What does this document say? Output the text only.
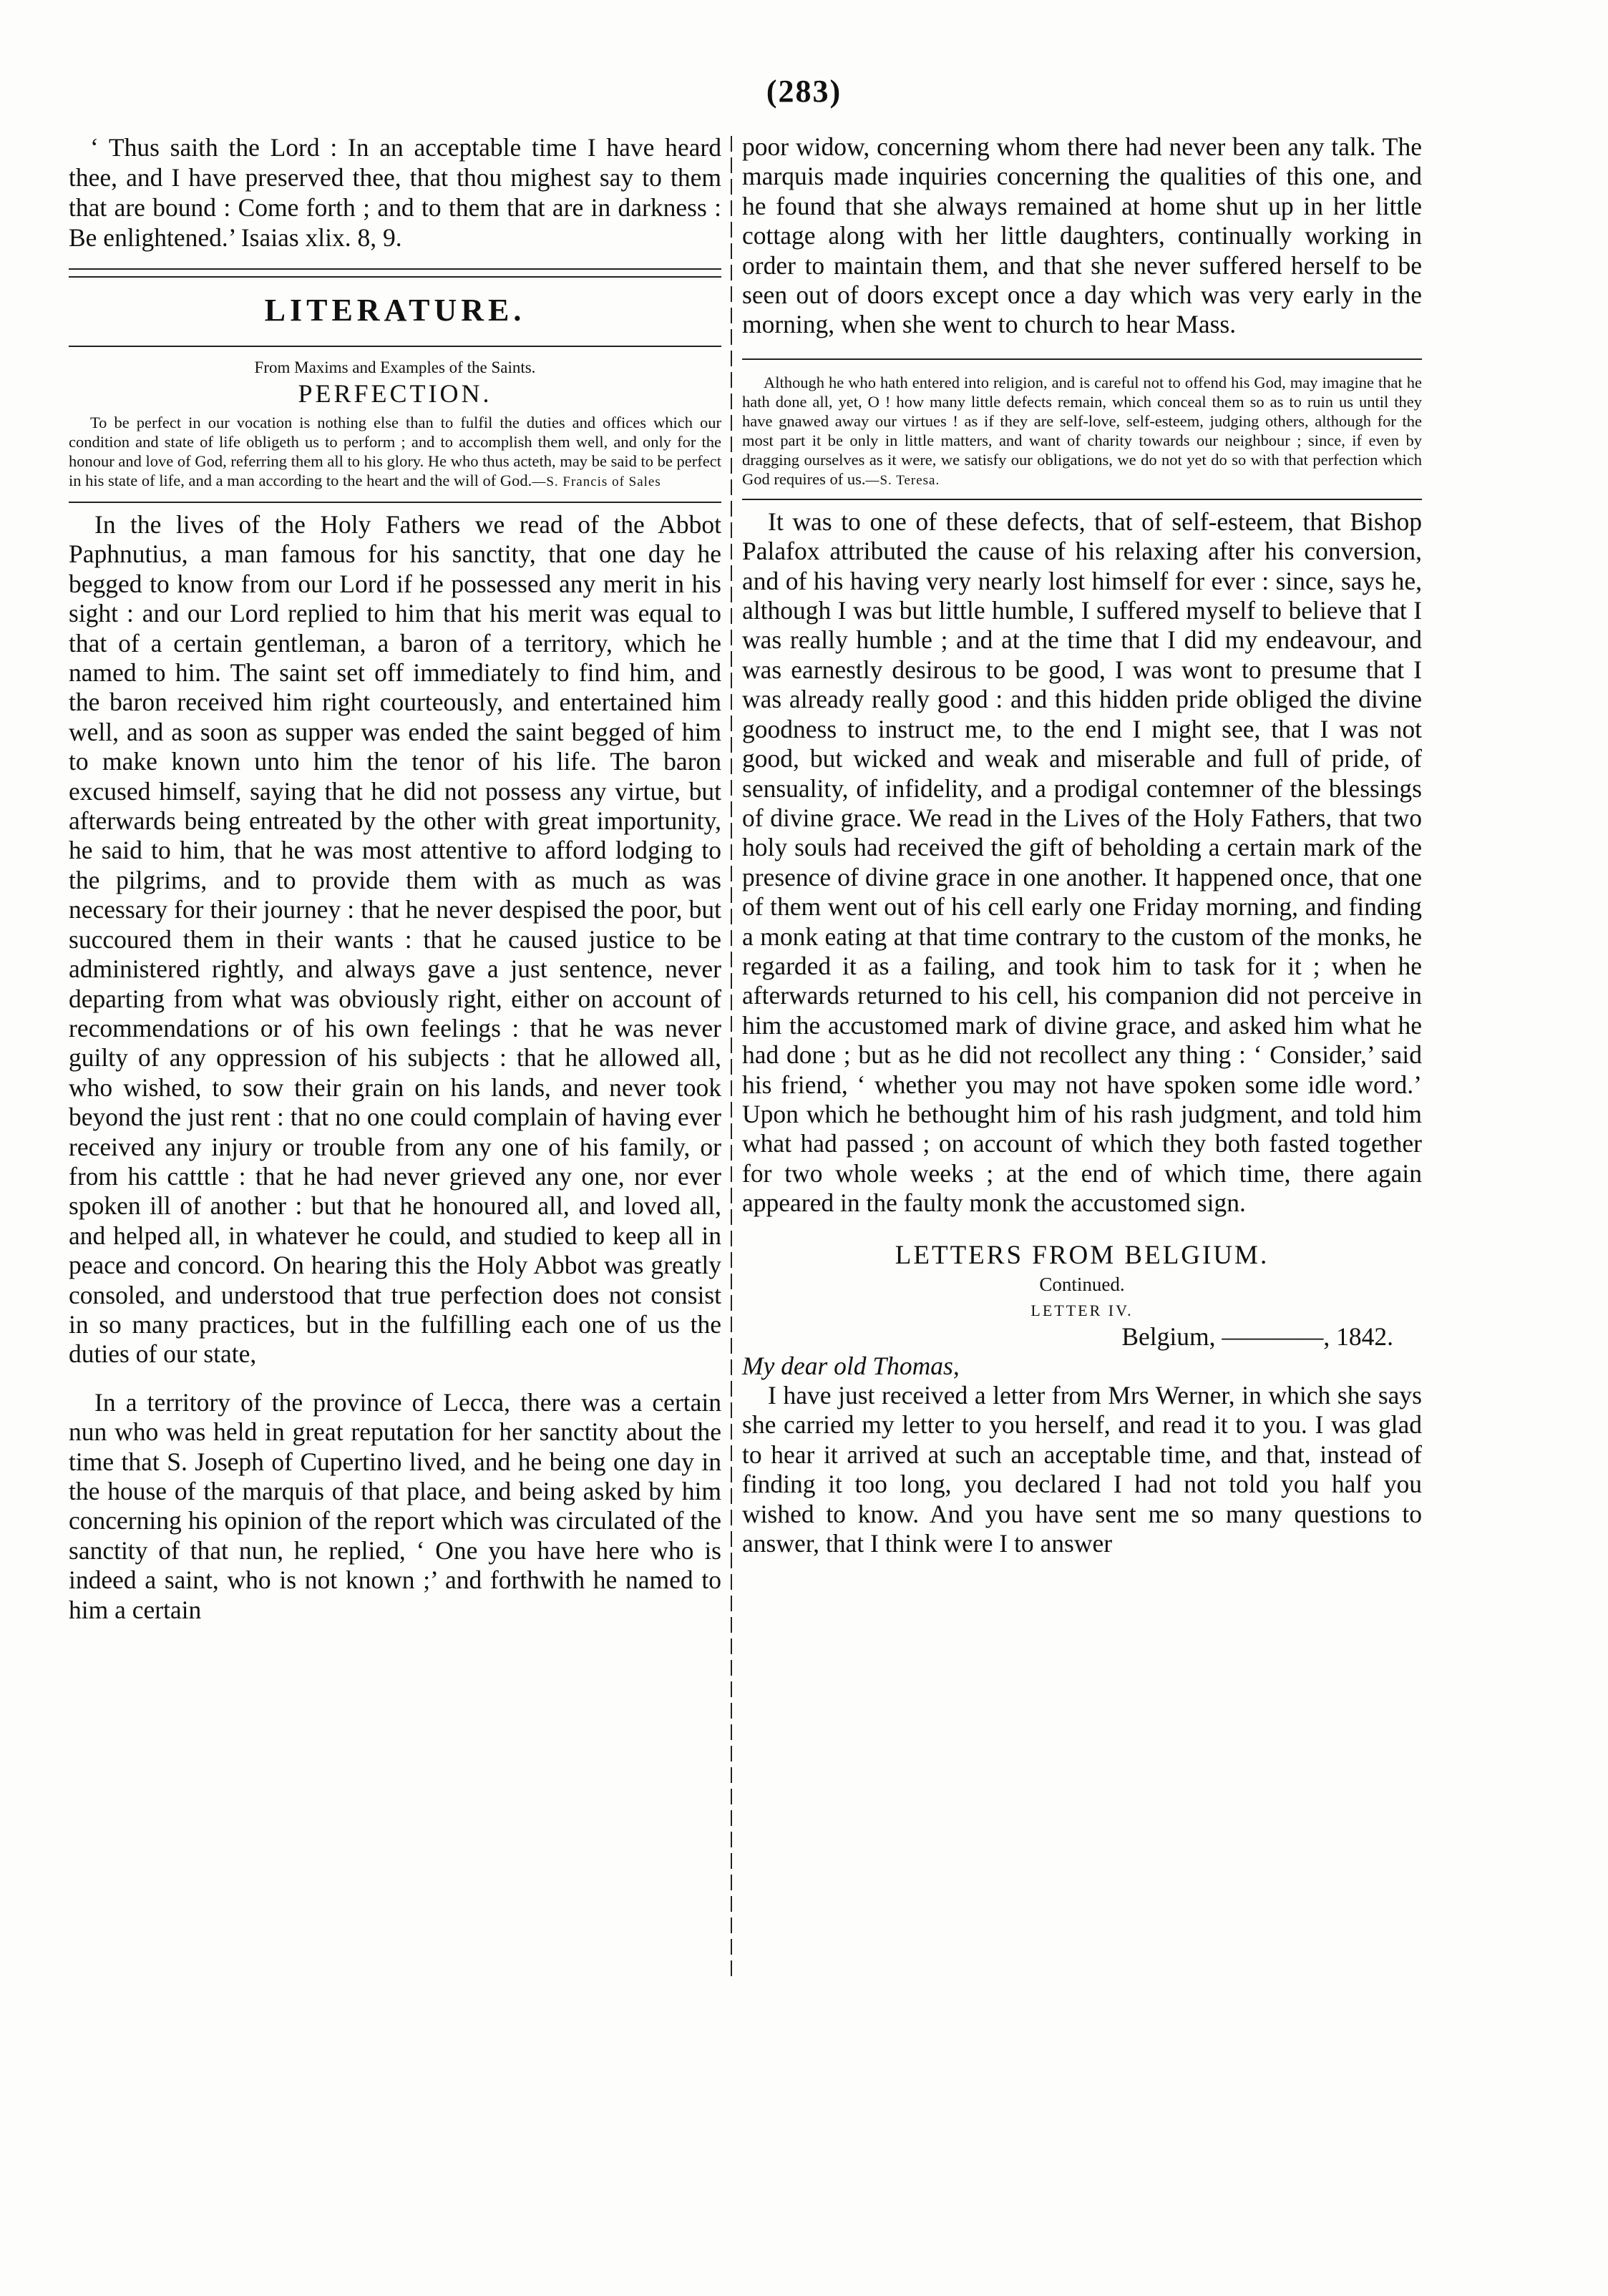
(283)

‘ Thus saith the Lord : In an acceptable time I have heard thee, and I have preserved thee, that thou mighest say to them that are bound : Come forth ; and to them that are in darkness : Be enlightened.’ Isaias xlix. 8, 9.

LITERATURE.
From Maxims and Examples of the Saints.
PERFECTION.

To be perfect in our vocation is nothing else than to fulfil the duties and offices which our condition and state of life obligeth us to perform ; and to accomplish them well, and only for the honour and love of God, referring them all to his glory. He who thus acteth, may be said to be perfect in his state of life, and a man according to the heart and the will of God.—S. Francis of Sales

In the lives of the Holy Fathers we read of the Abbot Paphnutius, a man famous for his sanctity, that one day he begged to know from our Lord if he possessed any merit in his sight : and our Lord replied to him that his merit was equal to that of a certain gentleman, a baron of a territory, which he named to him. The saint set off immediately to find him, and the baron received him right courteously, and entertained him well, and as soon as supper was ended the saint begged of him to make known unto him the tenor of his life. The baron excused himself, saying that he did not possess any virtue, but afterwards being entreated by the other with great importunity, he said to him, that he was most attentive to afford lodging to the pilgrims, and to provide them with as much as was necessary for their journey : that he never despised the poor, but succoured them in their wants : that he caused justice to be administered rightly, and always gave a just sentence, never departing from what was obviously right, either on account of recommendations or of his own feelings : that he was never guilty of any oppression of his subjects : that he allowed all, who wished, to sow their grain on his lands, and never took beyond the just rent : that no one could complain of having ever received any injury or trouble from any one of his family, or from his catttle : that he had never grieved any one, nor ever spoken ill of another : but that he honoured all, and loved all, and helped all, in whatever he could, and studied to keep all in peace and concord. On hearing this the Holy Abbot was greatly consoled, and understood that true perfection does not consist in so many practices, but in the fulfilling each one of us the duties of our state,

In a territory of the province of Lecca, there was a certain nun who was held in great reputation for her sanctity about the time that S. Joseph of Cupertino lived, and he being one day in the house of the marquis of that place, and being asked by him concerning his opinion of the report which was circulated of the sanctity of that nun, he replied, ‘ One you have here who is indeed a saint, who is not known ;’ and forthwith he named to him a certain

poor widow, concerning whom there had never been any talk. The marquis made inquiries concerning the qualities of this one, and he found that she always remained at home shut up in her little cottage along with her little daughters, continually working in order to maintain them, and that she never suffered herself to be seen out of doors except once a day which was very early in the morning, when she went to church to hear Mass.

Although he who hath entered into religion, and is careful not to offend his God, may imagine that he hath done all, yet, O ! how many little defects remain, which conceal them so as to ruin us until they have gnawed away our virtues ! as if they are self-love, self-esteem, judging others, although for the most part it be only in little matters, and want of charity towards our neighbour ; since, if even by dragging ourselves as it were, we satisfy our obligations, we do not yet do so with that perfection which God requires of us.—S. Teresa.

It was to one of these defects, that of self-esteem, that Bishop Palafox attributed the cause of his relaxing after his conversion, and of his having very nearly lost himself for ever : since, says he, although I was but little humble, I suffered myself to believe that I was really humble ; and at the time that I did my endeavour, and was earnestly desirous to be good, I was wont to presume that I was already really good : and this hidden pride obliged the divine goodness to instruct me, to the end I might see, that I was not good, but wicked and weak and miserable and full of pride, of sensuality, of infidelity, and a prodigal contemner of the blessings of divine grace. We read in the Lives of the Holy Fathers, that two holy souls had received the gift of beholding a certain mark of the presence of divine grace in one another. It happened once, that one of them went out of his cell early one Friday morning, and finding a monk eating at that time contrary to the custom of the monks, he regarded it as a failing, and took him to task for it ; when he afterwards returned to his cell, his companion did not perceive in him the accustomed mark of divine grace, and asked him what he had done ; but as he did not recollect any thing : ‘ Consider,’ said his friend, ‘ whether you may not have spoken some idle word.’ Upon which he bethought him of his rash judgment, and told him what had passed ; on account of which they both fasted together for two whole weeks ; at the end of which time, there again appeared in the faulty monk the accustomed sign.

LETTERS FROM BELGIUM.
Continued.
LETTER IV.
Belgium, ————, 1842.
My dear old Thomas,

I have just received a letter from Mrs Werner, in which she says she carried my letter to you herself, and read it to you. I was glad to hear it arrived at such an acceptable time, and that, instead of finding it too long, you declared I had not told you half you wished to know. And you have sent me so many questions to answer, that I think were I to answer
